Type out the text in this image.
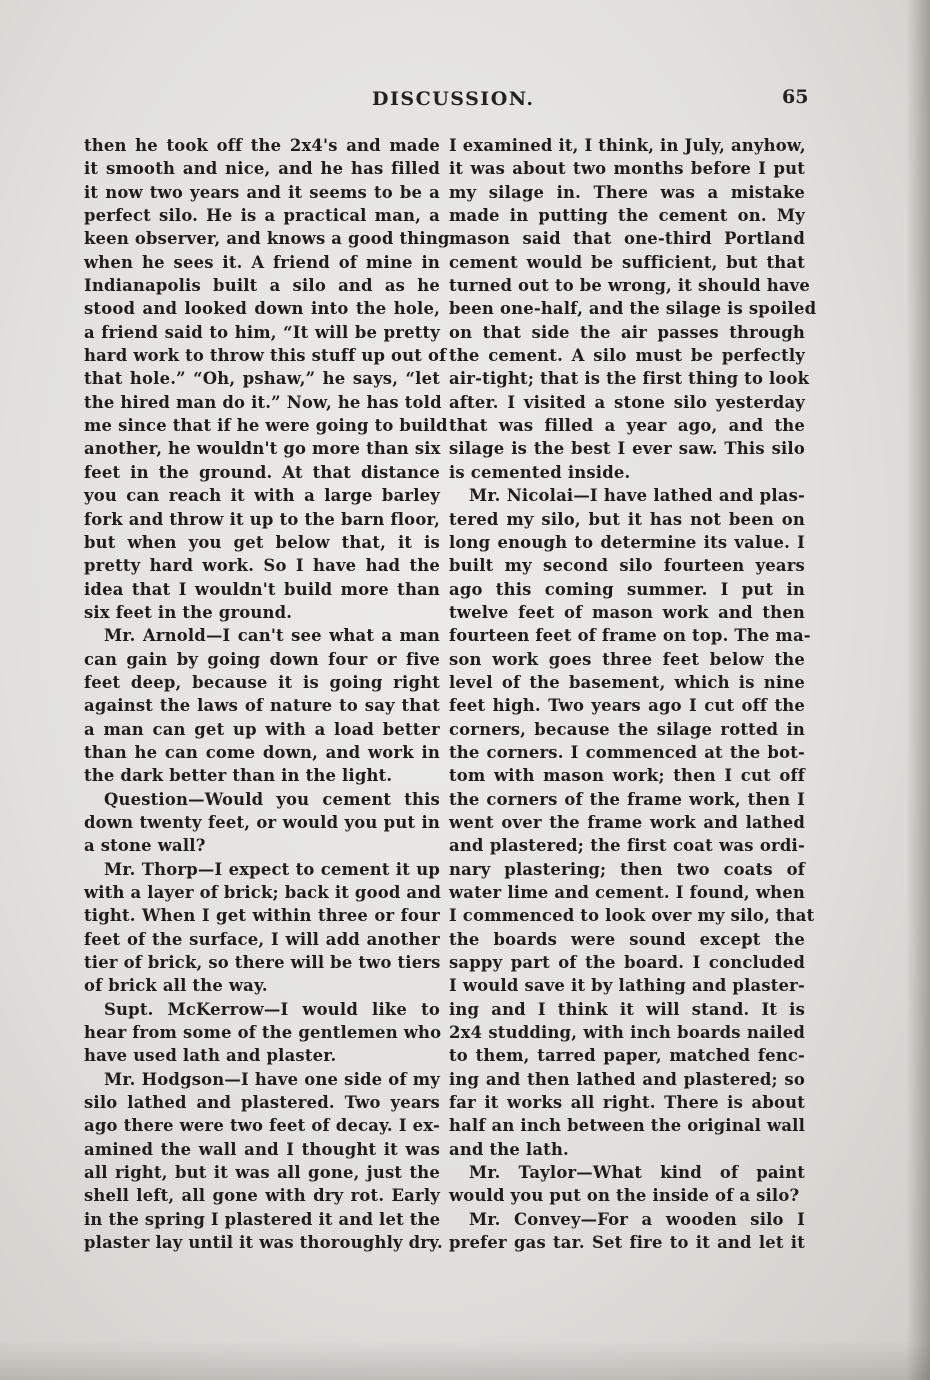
DISCUSSION.	65
then he took off the 2x4's and made
it smooth and nice, and he has filled
it now two years and it seems to be a
perfect silo. He is a practical man, a
keen observer, and knows a good thing
when he sees it. A friend of mine in
Indianapolis built a silo and as he
stood and looked down into the hole,
a friend said to him, “It will be pretty
hard work to throw this stuff up out of
that hole.” “Oh, pshaw,” he says, “let
the hired man do it.” Now, he has told
me since that if he were going to build
another, he wouldn't go more than six
feet in the ground. At that distance
you can reach it with a large barley
fork and throw it up to the barn floor,
but when you get below that, it is
pretty hard work. So I have had the
idea that I wouldn't build more than
six feet in the ground.
Mr. Arnold—I can't see what a man
can gain by going down four or five
feet deep, because it is going right
against the laws of nature to say that
a man can get up with a load better
than he can come down, and work in
the dark better than in the light.
Question—Would you cement this
down twenty feet, or would you put in
a stone wall?
Mr. Thorp—I expect to cement it up
with a layer of brick; back it good and
tight. When I get within three or four
feet of the surface, I will add another
tier of brick, so there will be two tiers
of brick all the way.
Supt. McKerrow—I would like to
hear from some of the gentlemen who
have used lath and plaster.
Mr. Hodgson—I have one side of my
silo lathed and plastered. Two years
ago there were two feet of decay. I ex-
amined the wall and I thought it was
all right, but it was all gone, just the
shell left, all gone with dry rot. Early
in the spring I plastered it and let the
plaster lay until it was thoroughly dry.
I examined it, I think, in July, anyhow,
it was about two months before I put
my silage in. There was a mistake
made in putting the cement on. My
mason said that one-third Portland
cement would be sufficient, but that
turned out to be wrong, it should have
been one-half, and the silage is spoiled
on that side the air passes through
the cement. A silo must be perfectly
air-tight; that is the first thing to look
after. I visited a stone silo yesterday
that was filled a year ago, and the
silage is the best I ever saw. This silo
is cemented inside.
Mr. Nicolai—I have lathed and plas-
tered my silo, but it has not been on
long enough to determine its value. I
built my second silo fourteen years
ago this coming summer. I put in
twelve feet of mason work and then
fourteen feet of frame on top. The ma-
son work goes three feet below the
level of the basement, which is nine
feet high. Two years ago I cut off the
corners, because the silage rotted in
the corners. I commenced at the bot-
tom with mason work; then I cut off
the corners of the frame work, then I
went over the frame work and lathed
and plastered; the first coat was ordi-
nary plastering; then two coats of
water lime and cement. I found, when
I commenced to look over my silo, that
the boards were sound except the
sappy part of the board. I concluded
I would save it by lathing and plaster-
ing and I think it will stand. It is
2x4 studding, with inch boards nailed
to them, tarred paper, matched fenc-
ing and then lathed and plastered; so
far it works all right. There is about
half an inch between the original wall
and the lath.
Mr. Taylor—What kind of paint
would you put on the inside of a silo?
Mr. Convey—For a wooden silo I
prefer gas tar. Set fire to it and let it
